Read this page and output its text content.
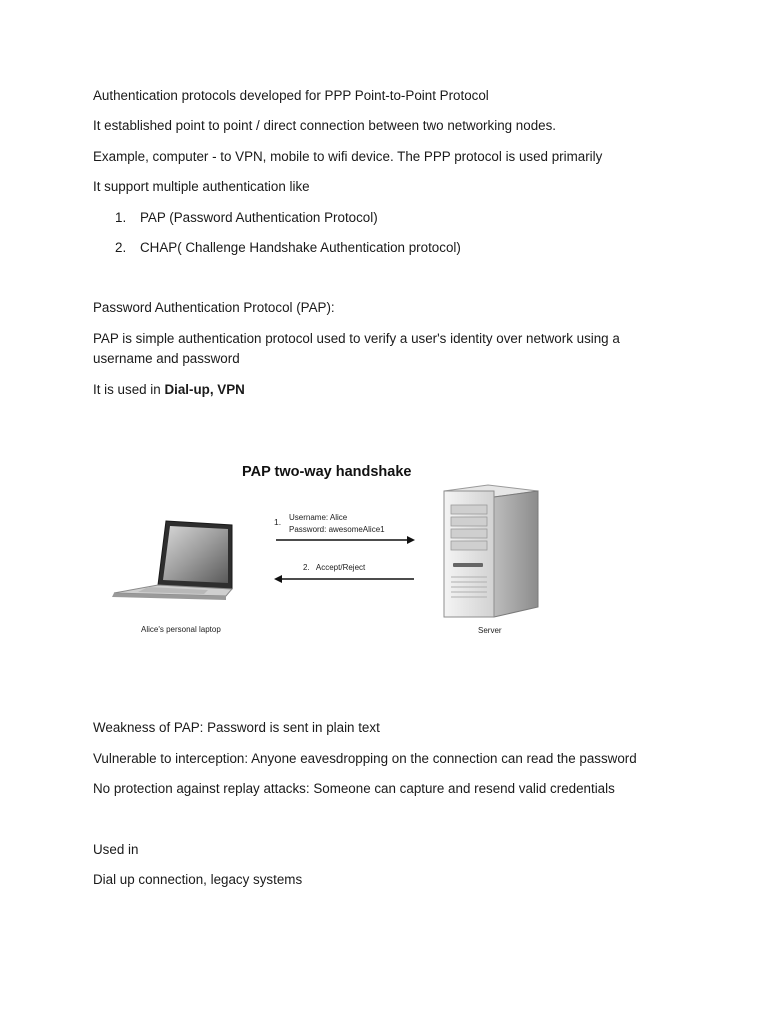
Authentication protocols developed for PPP Point-to-Point Protocol

It established point to point / direct connection between two networking nodes.

Example, computer - to VPN, mobile to wifi device. The PPP protocol is used primarily

It support multiple authentication like

1. PAP (Password Authentication Protocol)
2. CHAP( Challenge Handshake Authentication protocol)

Password Authentication Protocol (PAP):

PAP is simple authentication protocol used to verify a user's identity over network using a username and password

It is used in Dial-up, VPN

Weakness of PAP: Password is sent in plain text

Vulnerable to interception: Anyone eavesdropping on the connection can read the password

No protection against replay attacks: Someone can capture and resend valid credentials

Used in

Dial up connection, legacy systems

PAP two-way handshake
Alice's personal laptop
1. Username: Alice
Password: awesomeAlice1
2.   Accept/Reject
Server
